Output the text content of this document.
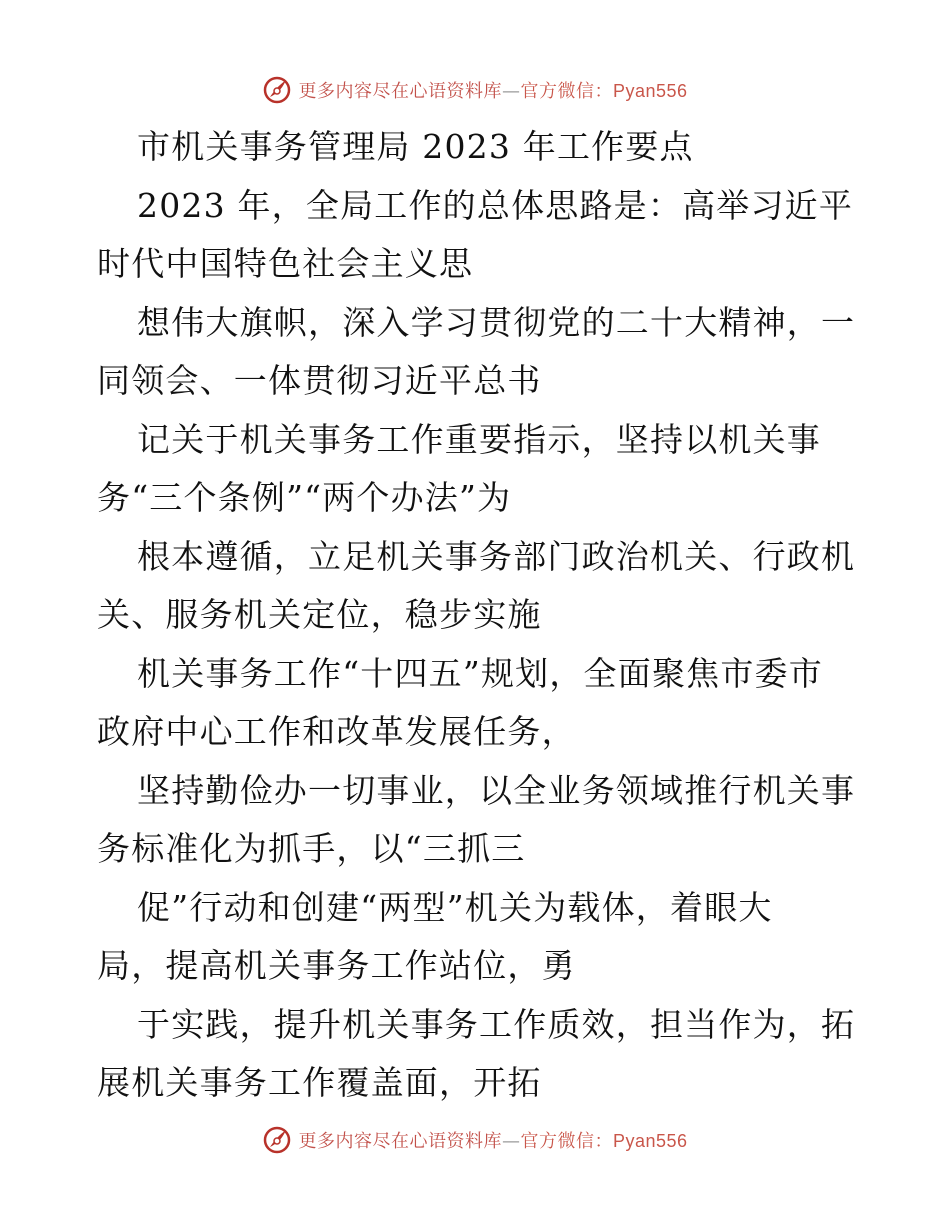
更多内容尽在心语资料库—官方微信：Pyan556
市机关事务管理局 2023 年工作要点
2023 年，全局工作的总体思路是：高举习近平
时代中国特色社会主义思
想伟大旗帜，深入学习贯彻党的二十大精神，一
同领会、一体贯彻习近平总书
记关于机关事务工作重要指示，坚持以机关事
务“三个条例”“两个办法”为
根本遵循，立足机关事务部门政治机关、行政机
关、服务机关定位，稳步实施
机关事务工作“十四五”规划，全面聚焦市委市
政府中心工作和改革发展任务，
坚持勤俭办一切事业，以全业务领域推行机关事
务标准化为抓手，以“三抓三
促”行动和创建“两型”机关为载体，着眼大
局，提高机关事务工作站位，勇
于实践，提升机关事务工作质效，担当作为，拓
展机关事务工作覆盖面，开拓
更多内容尽在心语资料库—官方微信：Pyan556
